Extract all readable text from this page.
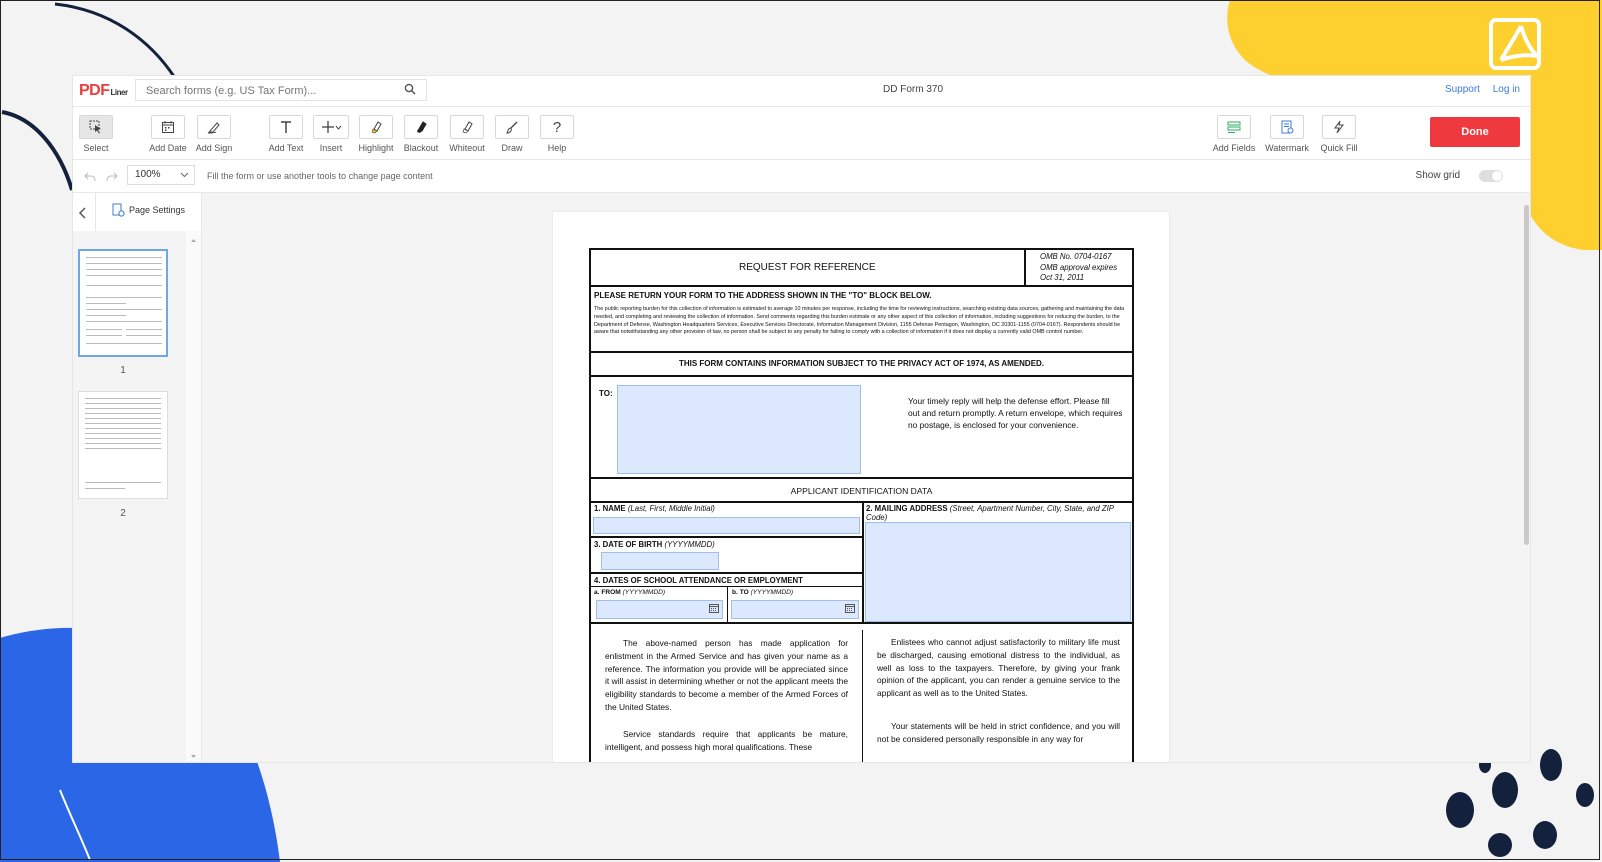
PDFLiner
Search forms (e.g. US Tax Form)...	DD Form 370	Support Log in
Select	Add Date Add Sign	Add Text	Insert	Highlight	Blackout	Whiteout	Draw
?
Help	Add Fields Watermark	Quick Fill
Done
100%	Fill the form or use another tools to change page content	Show grid
Page Settings
1
2
REQUEST FOR REFERENCE
OMB No. 0704-0167
OMB approval expires
Oct 31, 2011
PLEASE RETURN YOUR FORM TO THE ADDRESS SHOWN IN THE "TO" BLOCK BELOW.
The public reporting burden for this collection of information is estimated to average 10 minutes per response, including the time for reviewing instructions, searching existing data sources, gathering and maintaining the data needed, and completing and reviewing the collection of information. Send comments regarding this burden estimate or any other aspect of this collection of information, including suggestions for reducing the burden, to the Department of Defense, Washington Headquarters Services, Executive Services Directorate, Information Management Division, 1155 Defense Pentagon, Washington, DC 20301-1155 (0704-0167). Respondents should be aware that notwithstanding any other provision of law, no person shall be subject to any penalty for failing to comply with a collection of information if it does not display a currently valid OMB control number.
THIS FORM CONTAINS INFORMATION SUBJECT TO THE PRIVACY ACT OF 1974, AS AMENDED.
TO:
Your timely reply will help the defense effort. Please fill out and return promptly. A return envelope, which requires no postage, is enclosed for your convenience.
APPLICANT IDENTIFICATION DATA
1. NAME (Last, First, Middle Initial)	2. MAILING ADDRESS (Street, Apartment Number, City, State, and ZIP Code)
3. DATE OF BIRTH (YYYYMMDD)
4. DATES OF SCHOOL ATTENDANCE OR EMPLOYMENT
a. FROM (YYYYMMDD)	b. TO (YYYYMMDD)
The above-named person has made application for enlistment in the Armed Service and has given your name as a reference. The information you provide will be appreciated since it will assist in determining whether or not the applicant meets the eligibility standards to become a member of the Armed Forces of the United States.
Service standards require that applicants be mature, intelligent, and possess high moral qualifications. These
Enlistees who cannot adjust satisfactorily to military life must be discharged, causing emotional distress to the individual, as well as loss to the taxpayers. Therefore, by giving your frank opinion of the applicant, you can render a genuine service to the applicant as well as to the United States.
Your statements will be held in strict confidence, and you will not be considered personally responsible in any way for
